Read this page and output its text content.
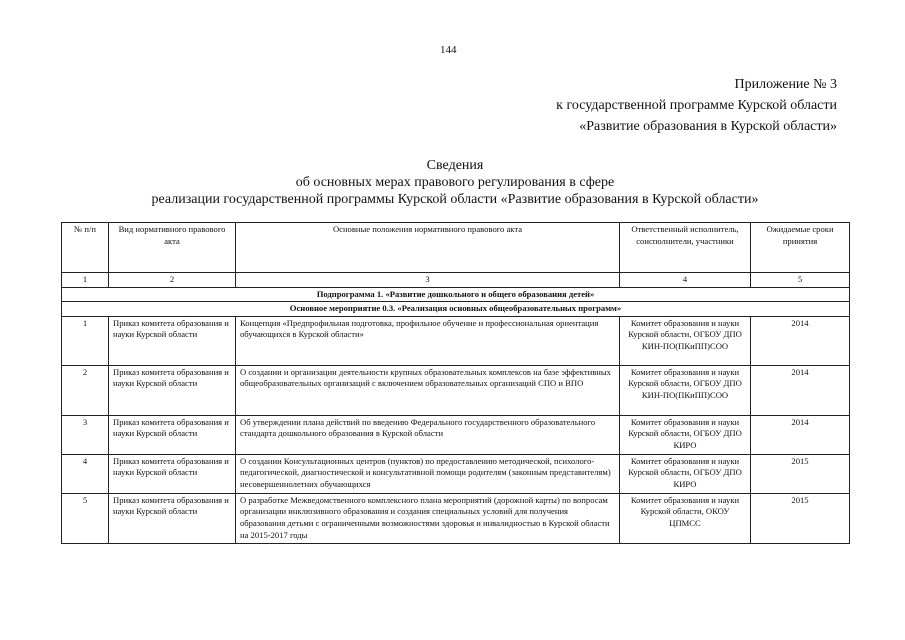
144
Приложение № 3
к государственной программе Курской области
«Развитие образования в Курской области»
Сведения
об основных мерах правового регулирования в сфере
реализации государственной программы Курской области «Развитие образования в Курской области»
№ п/п	Вид нормативного правового акта	Основные положения нормативного правового акта	Ответственный исполнитель, соисполнители, участники	Ожидаемые сроки принятия
1	2	3	4	5
Подпрограмма 1. «Развитие дошкольного и общего образования детей»				
Основное мероприятие 0.3. «Реализация основных общеобразовательных программ»				
1	Приказ комитета образования и науки Курской области	Концепция «Предпрофильная подготовка, профильное обучение и профессиональная ориентация обучающихся в Курской области»	Комитет образования и науки Курской области, ОГБОУ ДПО КИН-ПО(ПКиПП)СОО	2014
2	Приказ комитета образования и науки Курской области	О создании и организации деятельности крупных образовательных комплексов на базе эффективных общеобразовательных организаций с включением образовательных организаций СПО и ВПО	Комитет образования и науки Курской области, ОГБОУ ДПО КИН-ПО(ПКиПП)СОО	2014
3	Приказ комитета образования и науки Курской области	Об утверждении плана действий по введению Федерального государственного образовательного стандарта дошкольного образования в Курской области	Комитет образования и науки Курской области, ОГБОУ ДПО КИРО	2014
4	Приказ комитета образования и науки Курской области	О создании Консультационных центров (пунктов) по предоставлению методической, психолого-педагогической, диагностической и консультативной помощи родителям (законным представителям) несовершеннолетних обучающихся	Комитет образования и науки Курской области, ОГБОУ ДПО КИРО	2015
5	Приказ комитета образования и науки Курской области	О разработке Межведомственного комплексного плана мероприятий (дорожной карты) по вопросам организации инклюзивного образования и создания специальных условий для получения образования детьми с ограниченными возможностями здоровья и инвалидностью в Курской области на 2015-2017 годы	Комитет образования и науки Курской области, ОКОУ ЦПМСС	2015
